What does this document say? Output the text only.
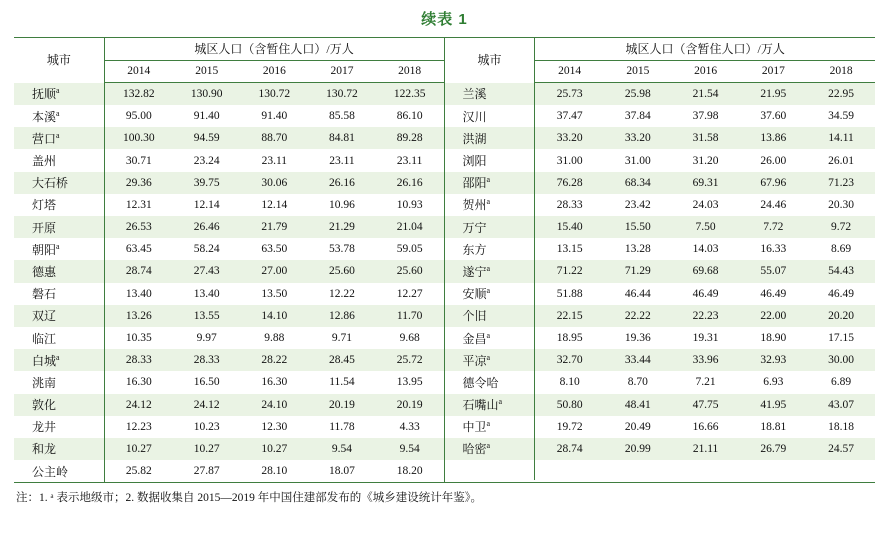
续表 1
城市	城区人口（含暂住人口）/万人				
	2014	2015	2016	2017	2018
抚顺$^a$	132.82	130.90	130.72	130.72	122.35
本溪$^a$	95.00	91.40	91.40	85.58	86.10
营口$^a$	100.30	94.59	88.70	84.81	89.28
盖州	30.71	23.24	23.11	23.11	23.11
大石桥	29.36	39.75	30.06	26.16	26.16
灯塔	12.31	12.14	12.14	10.96	10.93
开原	26.53	26.46	21.79	21.29	21.04
朝阳$^a$	63.45	58.24	63.50	53.78	59.05
德惠	28.74	27.43	27.00	25.60	25.60
磐石	13.40	13.40	13.50	12.22	12.27
双辽	13.26	13.55	14.10	12.86	11.70
临江	10.35	9.97	9.88	9.71	9.68
白城$^a$	28.33	28.33	28.22	28.45	25.72
洮南	16.30	16.50	16.30	11.54	13.95
敦化	24.12	24.12	24.10	20.19	20.19
龙井	12.23	10.23	12.30	11.78	4.33
和龙	10.27	10.27	10.27	9.54	9.54
公主岭	25.82	27.87	28.10	18.07	18.20
城市	城区人口（含暂住人口）/万人				
	2014	2015	2016	2017	2018
兰溪	25.73	25.98	21.54	21.95	22.95
汉川	37.47	37.84	37.98	37.60	34.59
洪湖	33.20	33.20	31.58	13.86	14.11
浏阳	31.00	31.00	31.20	26.00	26.01
邵阳$^a$	76.28	68.34	69.31	67.96	71.23
贺州$^a$	28.33	23.42	24.03	24.46	20.30
万宁	15.40	15.50	7.50	7.72	9.72
东方	13.15	13.28	14.03	16.33	8.69
遂宁$^a$	71.22	71.29	69.68	55.07	54.43
安顺$^a$	51.88	46.44	46.49	46.49	46.49
个旧	22.15	22.22	22.23	22.00	20.20
金昌$^a$	18.95	19.36	19.31	18.90	17.15
平凉$^a$	32.70	33.44	33.96	32.93	30.00
德令哈	8.10	8.70	7.21	6.93	6.89
石嘴山$^a$	50.80	48.41	47.75	41.95	43.07
中卫$^a$	19.72	20.49	16.66	18.81	18.18
哈密$^a$	28.74	20.99	21.11	26.79	24.57

注：1. ᵃ 表示地级市；2. 数据收集自 2015—2019 年中国住建部发布的《城乡建设统计年鉴》。
